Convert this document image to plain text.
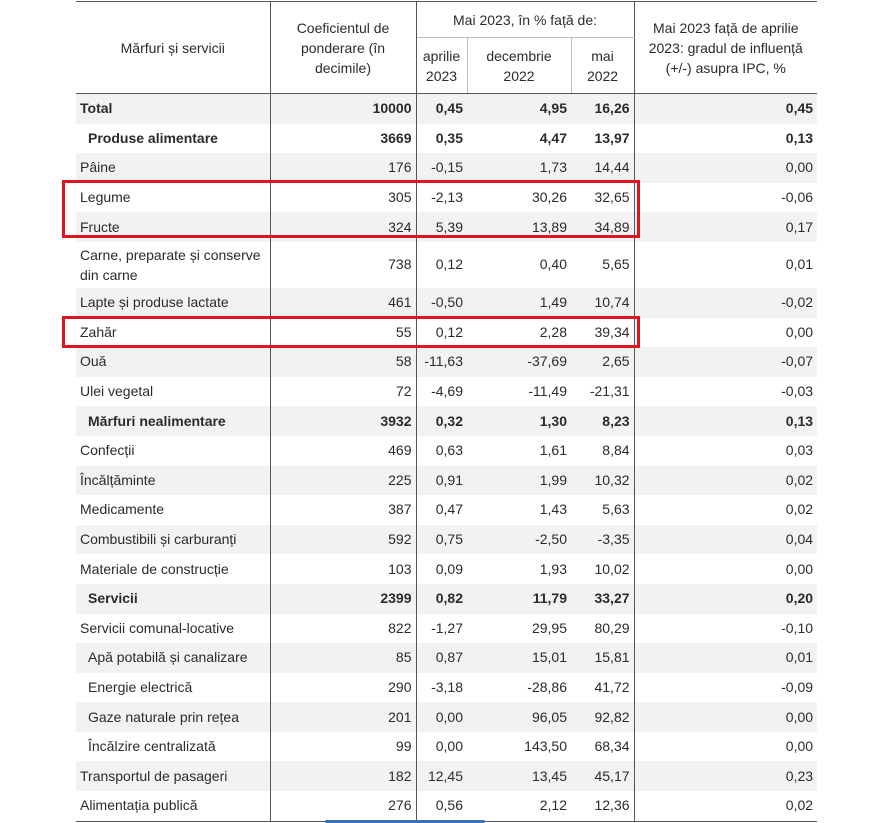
Mărfuri și servicii	Coeficientul de ponderare (în decimile)	Mai 2023, în % față de:			Mai 2023 față de aprilie 2023: gradul de influență (+/-) asupra IPC, %
		aprilie 2023	decembrie 2022	mai 2022	
Total	10000	0,45	4,95	16,26	0,45
Produse alimentare	3669	0,35	4,47	13,97	0,13
Pâine	176	-0,15	1,73	14,44	0,00
Legume	305	-2,13	30,26	32,65	-0,06
Fructe	324	5,39	13,89	34,89	0,17
Carne, preparate și conserve din carne	738	0,12	0,40	5,65	0,01
Lapte și produse lactate	461	-0,50	1,49	10,74	-0,02
Zahăr	55	0,12	2,28	39,34	0,00
Ouă	58	-11,63	-37,69	2,65	-0,07
Ulei vegetal	72	-4,69	-11,49	-21,31	-0,03
Mărfuri nealimentare	3932	0,32	1,30	8,23	0,13
Confecții	469	0,63	1,61	8,84	0,03
Încălțăminte	225	0,91	1,99	10,32	0,02
Medicamente	387	0,47	1,43	5,63	0,02
Combustibili și carburanți	592	0,75	-2,50	-3,35	0,04
Materiale de construcție	103	0,09	1,93	10,02	0,00
Servicii	2399	0,82	11,79	33,27	0,20
Servicii comunal-locative	822	-1,27	29,95	80,29	-0,10
Apă potabilă și canalizare	85	0,87	15,01	15,81	0,01
Energie electrică	290	-3,18	-28,86	41,72	-0,09
Gaze naturale prin rețea	201	0,00	96,05	92,82	0,00
Încălzire centralizată	99	0,00	143,50	68,34	0,00
Transportul de pasageri	182	12,45	13,45	45,17	0,23
Alimentația publică	276	0,56	2,12	12,36	0,02
